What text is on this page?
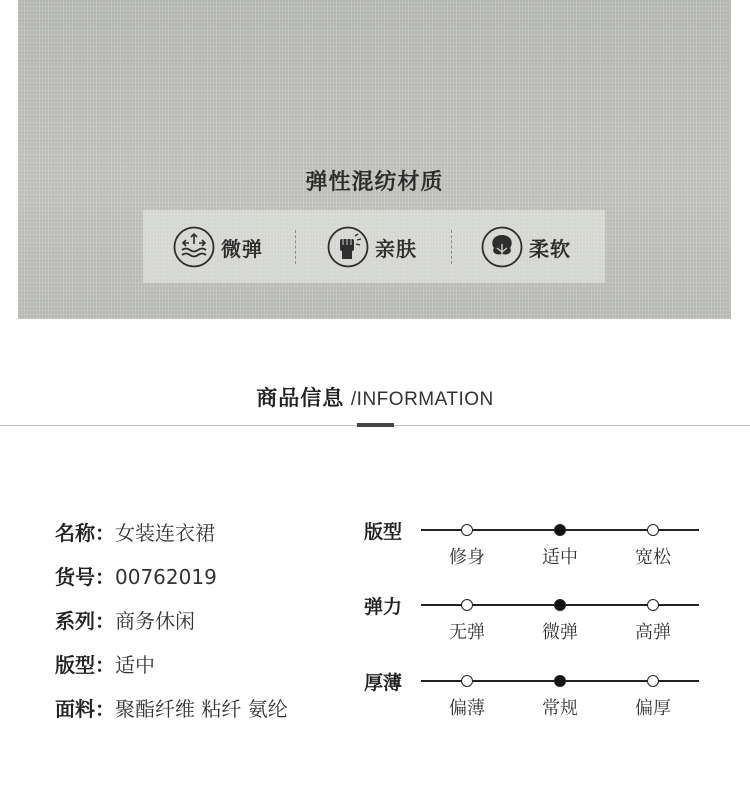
弹性混纺材质
微弹	亲肤	柔软
商品信息 /INFORMATION
名称：女装连衣裙
货号：00762019
系列：商务休闲
版型：适中
面料：聚酯纤维 粘纤 氨纶
版型
修身	适中	宽松
弹力
无弹	微弹	高弹
厚薄
偏薄	常规	偏厚
